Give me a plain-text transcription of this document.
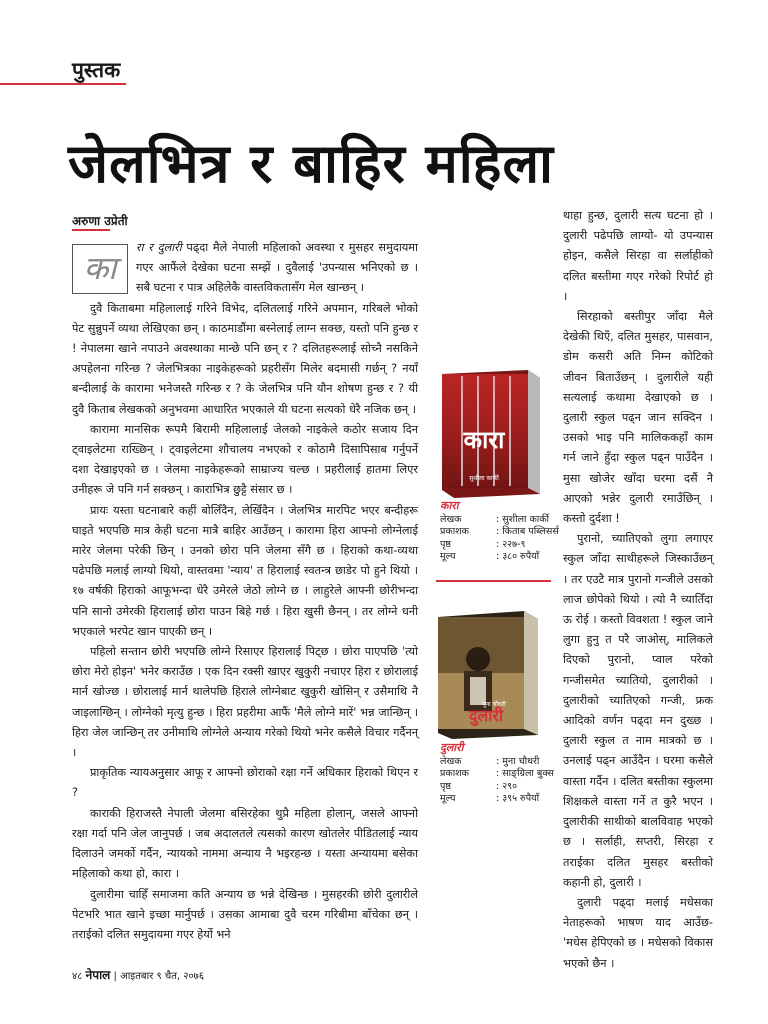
पुस्तक
जेलभित्र र बाहिर महिला
अरुणा उप्रेती

का
रा र दुलारी पढ्दा मैले नेपाली महिलाको अवस्था र मुसहर समुदायमा गएर आफैंले देखेका घटना सम्झें । दुवैलाई 'उपन्यास भनिएको छ । सबै घटना र पात्र अहिलेकै वास्तविकतासँग मेल खान्छन् ।

दुवै किताबमा महिलालाई गरिने विभेद, दलितलाई गरिने अपमान, गरिबले भोको पेट सुन्नुपर्ने व्यथा लेखिएका छन् । काठमाडौंमा बस्नेलाई लाग्न सक्छ, यस्तो पनि हुन्छ र ! नेपालमा खाने नपाउने अवस्थाका मान्छे पनि छन् र ? दलितहरूलाई सोच्नै नसकिने अपहेलना गरिन्छ ? जेलभित्रका नाइकेहरूको प्रहरीसँग मिलेर बदमासी गर्छन् ? नयाँ बन्दीलाई के कारामा भनेजस्तै गरिन्छ र ? के जेलभित्र पनि यौन शोषण हुन्छ र ? यी दुवै किताब लेखकको अनुभवमा आधारित भएकाले यी घटना सत्यको धेरै नजिक छन् ।

कारामा मानसिक रूपमै बिरामी महिलालाई जेलको नाइकेले कठोर सजाय दिन ट्वाइलेटमा राख्छिन् । ट्वाइलेटमा शौचालय नभएको र कोठामै दिसापिसाब गर्नुपर्ने दशा देखाइएको छ । जेलमा नाइकेहरूको साम्राज्य चल्छ । प्रहरीलाई हातमा लिएर उनीहरू जे पनि गर्न सक्छन् । काराभित्र छुट्टै संसार छ ।

प्रायः यस्ता घटनाबारे कहीं बोलिँदैन, लेखिँदैन । जेलभित्र मारपिट भएर बन्दीहरू घाइते भएपछि मात्र केही घटना मात्रै बाहिर आउँछन् । कारामा हिरा आफ्नो लोग्नेलाई मारेर जेलमा परेकी छिन् । उनको छोरा पनि जेलमा सँगै छ । हिराको कथा-व्यथा पढेपछि मलाई लाग्यो थियो, वास्तवमा 'न्याय' त हिरालाई स्वतन्त्र छाडेर पो हुने थियो । १७ वर्षकी हिराको आफूभन्दा धेरै उमेरले जेठो लोग्ने छ । लाहुरेले आफ्नी छोरीभन्दा पनि सानो उमेरकी हिरालाई छोरा पाउन बिहे गर्छ । हिरा खुसी छैनन् । तर लोग्ने धनी भएकाले भरपेट खान पाएकी छन् ।

पहिलो सन्तान छोरी भएपछि लोग्ने रिसाएर हिरालाई पिट्छ । छोरा पाएपछि 'त्यो छोरा मेरो होइन' भनेर कराउँछ । एक दिन रक्सी खाएर खुकुरी नचाएर हिरा र छोरालाई मार्न खोज्छ । छोरालाई मार्न थालेपछि हिराले लोग्नेबाट खुकुरी खोसिन् र उसैमाथि नै जाइलाग्छिन् । लोग्नेको मृत्यु हुन्छ । हिरा प्रहरीमा आफैं 'मैले लोग्ने मारें' भन्न जान्छिन् । हिरा जेल जान्छिन् तर उनीमाथि लोग्नेले अन्याय गरेको थियो भनेर कसैले विचार गर्दैनन् ।

प्राकृतिक न्यायअनुसार आफू र आफ्नो छोराको रक्षा गर्ने अधिकार हिराको थिएन र ?

काराकी हिराजस्तै नेपाली जेलमा बसिरहेका थुप्रै महिला होलान्, जसले आफ्नो रक्षा गर्दा पनि जेल जानुपर्छ । जब अदालतले त्यसको कारण खोतलेर पीडितलाई न्याय दिलाउने जमर्को गर्दैन, न्यायको नाममा अन्याय नै भइरहन्छ । यस्ता अन्यायमा बसेका महिलाको कथा हो, कारा ।

दुलारीमा चाहिँ समाजमा कति अन्याय छ भन्ने देखिन्छ । मुसहरकी छोरी दुलारीले पेटभरि भात खाने इच्छा मार्नुपर्छ । उसका आमाबा दुवै चरम गरिबीमा बाँचेका छन् । तराईको दलित समुदायमा गएर हेर्यो भने

कारा
सुशीला कार्की
कारा
लेखक	: सुशीला कार्की
प्रकाशक	: किताब पब्लिसर्स
पृष्ठ	: २२७-९
मूल्य	: ३८० रुपैयाँ
दुलारी
मुना चौधरी
दुलारी
लेखक	: मुना चौधरी
प्रकाशक	: साङ्ग्रिला बुक्स
पृष्ठ	: २९०
मूल्य	: ३९५ रुपैयाँ

थाहा हुन्छ, दुलारी सत्य घटना हो । दुलारी पढेपछि लाग्यो- यो उपन्यास होइन, कसैले सिरहा वा सर्लाहीको दलित बस्तीमा गएर गरेको रिपोर्ट हो ।

सिरहाको बस्तीपुर जाँदा मैले देखेकी थिएँ, दलित मुसहर, पासवान, डोम कसरी अति निम्न कोटिको जीवन बिताउँछन् । दुलारीले यही सत्यलाई कथामा देखाएको छ । दुलारी स्कुल पढ्न जान सक्दिन । उसको भाइ पनि मालिककहाँ काम गर्न जाने हुँदा स्कुल पढ्न पाउँदैन । मुसा खोजेर खाँदा घरमा दसैं नै आएको भन्नेर दुलारी रमाउँछिन् । कस्तो दुर्दशा !

पुरानो, च्यातिएको लुगा लगाएर स्कुल जाँदा साथीहरूले जिस्काउँछन् । तर एउटै मात्र पुरानो गन्जीले उसको लाज छोपेको थियो । त्यो नै च्यातिँदा ऊ रोई । कस्तो विवशता ! स्कुल जाने लुगा हुनु त परै जाओस्, मालिकले दिएको पुरानो, प्वाल परेको गन्जीसमेत च्यातियो, दुलारीको । दुलारीको च्यातिएको गन्जी, फ्रक आदिको वर्णन पढ्दा मन दुख्छ । दुलारी स्कुल त नाम मात्रको छ । उनलाई पढ्न आउँदैन । घरमा कसैले वास्ता गर्दैन । दलित बस्तीका स्कुलमा शिक्षकले वास्ता गर्ने त कुरै भएन । दुलारीकी साथीको बालविवाह भएको छ । सर्लाही, सप्तरी, सिरहा र तराईका दलित मुसहर बस्तीको कहानी हो, दुलारी ।

दुलारी पढ्दा मलाई मधेसका नेताहरूको भाषण याद आउँछ- 'मधेस हेपिएको छ । मधेसको विकास भएको छैन ।

४८ नेपाल | आइतबार ९ चैत, २०७६
